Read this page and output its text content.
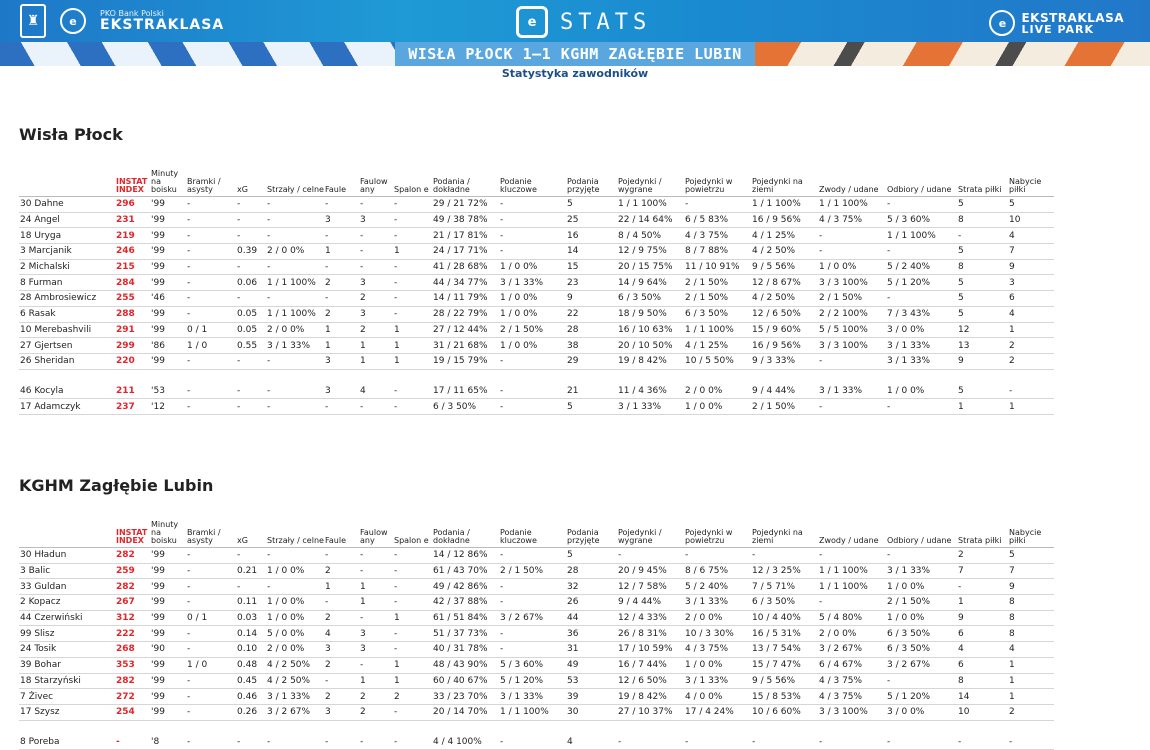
WISŁA PŁOCK 1–1 KGHM ZAGŁĘBIE LUBIN
♜	e
PKO Bank Polski
EKSTRAKLASA	e	STATS	e	EKSTRAKLASA
LIVE PARK
Statystyka zawodników
Wisła Płock
	INSTAT INDEX	Minuty na boisku	Bramki / asysty	xG	Strzały / celne	Faule	Faulow any	Spalon e	Podania / dokładne	Podanie kluczowe	Podania przyjęte	Pojedynki / wygrane	Pojedynki w powietrzu	Pojedynki na ziemi	Zwody / udane	Odbiory / udane	Strata piłki	Nabycie piłki
30 Dahne	296	'99	-	-	-	-	-	-	29 / 21 72%	-	5	1 / 1 100%	-	1 / 1 100%	1 / 1 100%	-	5	5
24 Angel	231	'99	-	-	-	3	3	-	49 / 38 78%	-	25	22 / 14 64%	6 / 5 83%	16 / 9 56%	4 / 3 75%	5 / 3 60%	8	10
18 Uryga	219	'99	-	-	-	-	-	-	21 / 17 81%	-	16	8 / 4 50%	4 / 3 75%	4 / 1 25%	-	1 / 1 100%	-	4
3 Marcjanik	246	'99	-	0.39	2 / 0 0%	1	-	1	24 / 17 71%	-	14	12 / 9 75%	8 / 7 88%	4 / 2 50%	-	-	5	7
2 Michalski	215	'99	-	-	-	-	-	-	41 / 28 68%	1 / 0 0%	15	20 / 15 75%	11 / 10 91%	9 / 5 56%	1 / 0 0%	5 / 2 40%	8	9
8 Furman	284	'99	-	0.06	1 / 1 100%	2	3	-	44 / 34 77%	3 / 1 33%	23	14 / 9 64%	2 / 1 50%	12 / 8 67%	3 / 3 100%	5 / 1 20%	5	3
28 Ambrosiewicz	255	'46	-	-	-	-	2	-	14 / 11 79%	1 / 0 0%	9	6 / 3 50%	2 / 1 50%	4 / 2 50%	2 / 1 50%	-	5	6
6 Rasak	288	'99	-	0.05	1 / 1 100%	2	3	-	28 / 22 79%	1 / 0 0%	22	18 / 9 50%	6 / 3 50%	12 / 6 50%	2 / 2 100%	7 / 3 43%	5	4
10 Merebashvili	291	'99	0 / 1	0.05	2 / 0 0%	1	2	1	27 / 12 44%	2 / 1 50%	28	16 / 10 63%	1 / 1 100%	15 / 9 60%	5 / 5 100%	3 / 0 0%	12	1
27 Gjertsen	299	'86	1 / 0	0.55	3 / 1 33%	1	1	1	31 / 21 68%	1 / 0 0%	38	20 / 10 50%	4 / 1 25%	16 / 9 56%	3 / 3 100%	3 / 1 33%	13	2
26 Sheridan	220	'99	-	-	-	3	1	1	19 / 15 79%	-	29	19 / 8 42%	10 / 5 50%	9 / 3 33%	-	3 / 1 33%	9	2

46 Kocyla	211	'53	-	-	-	3	4	-	17 / 11 65%	-	21	11 / 4 36%	2 / 0 0%	9 / 4 44%	3 / 1 33%	1 / 0 0%	5	-
17 Adamczyk	237	'12	-	-	-	-	-	-	6 / 3 50%	-	5	3 / 1 33%	1 / 0 0%	2 / 1 50%	-	-	1	1
KGHM Zagłębie Lubin
	INSTAT INDEX	Minuty na boisku	Bramki / asysty	xG	Strzały / celne	Faule	Faulow any	Spalon e	Podania / dokładne	Podanie kluczowe	Podania przyjęte	Pojedynki / wygrane	Pojedynki w powietrzu	Pojedynki na ziemi	Zwody / udane	Odbiory / udane	Strata piłki	Nabycie piłki
30 Hładun	282	'99	-	-	-	-	-	-	14 / 12 86%	-	5	-	-	-	-	-	2	5
3 Balic	259	'99	-	0.21	1 / 0 0%	2	-	-	61 / 43 70%	2 / 1 50%	28	20 / 9 45%	8 / 6 75%	12 / 3 25%	1 / 1 100%	3 / 1 33%	7	7
33 Guldan	282	'99	-	-	-	1	1	-	49 / 42 86%	-	32	12 / 7 58%	5 / 2 40%	7 / 5 71%	1 / 1 100%	1 / 0 0%	-	9
2 Kopacz	267	'99	-	0.11	1 / 0 0%	-	1	-	42 / 37 88%	-	26	9 / 4 44%	3 / 1 33%	6 / 3 50%	-	2 / 1 50%	1	8
44 Czerwiński	312	'99	0 / 1	0.03	1 / 0 0%	2	-	1	61 / 51 84%	3 / 2 67%	44	12 / 4 33%	2 / 0 0%	10 / 4 40%	5 / 4 80%	1 / 0 0%	9	8
99 Slisz	222	'99	-	0.14	5 / 0 0%	4	3	-	51 / 37 73%	-	36	26 / 8 31%	10 / 3 30%	16 / 5 31%	2 / 0 0%	6 / 3 50%	6	8
24 Tosik	268	'90	-	0.10	2 / 0 0%	3	3	-	40 / 31 78%	-	31	17 / 10 59%	4 / 3 75%	13 / 7 54%	3 / 2 67%	6 / 3 50%	4	4
39 Bohar	353	'99	1 / 0	0.48	4 / 2 50%	2	-	1	48 / 43 90%	5 / 3 60%	49	16 / 7 44%	1 / 0 0%	15 / 7 47%	6 / 4 67%	3 / 2 67%	6	1
18 Starzyński	282	'99	-	0.45	4 / 2 50%	-	1	1	60 / 40 67%	5 / 1 20%	53	12 / 6 50%	3 / 1 33%	9 / 5 56%	4 / 3 75%	-	8	1
7 Żivec	272	'99	-	0.46	3 / 1 33%	2	2	2	33 / 23 70%	3 / 1 33%	39	19 / 8 42%	4 / 0 0%	15 / 8 53%	4 / 3 75%	5 / 1 20%	14	1
17 Szysz	254	'99	-	0.26	3 / 2 67%	3	2	-	20 / 14 70%	1 / 1 100%	30	27 / 10 37%	17 / 4 24%	10 / 6 60%	3 / 3 100%	3 / 0 0%	10	2

8 Poreba	-	'8	-	-	-	-	-	-	4 / 4 100%	-	4	-	-	-	-	-	-	-
